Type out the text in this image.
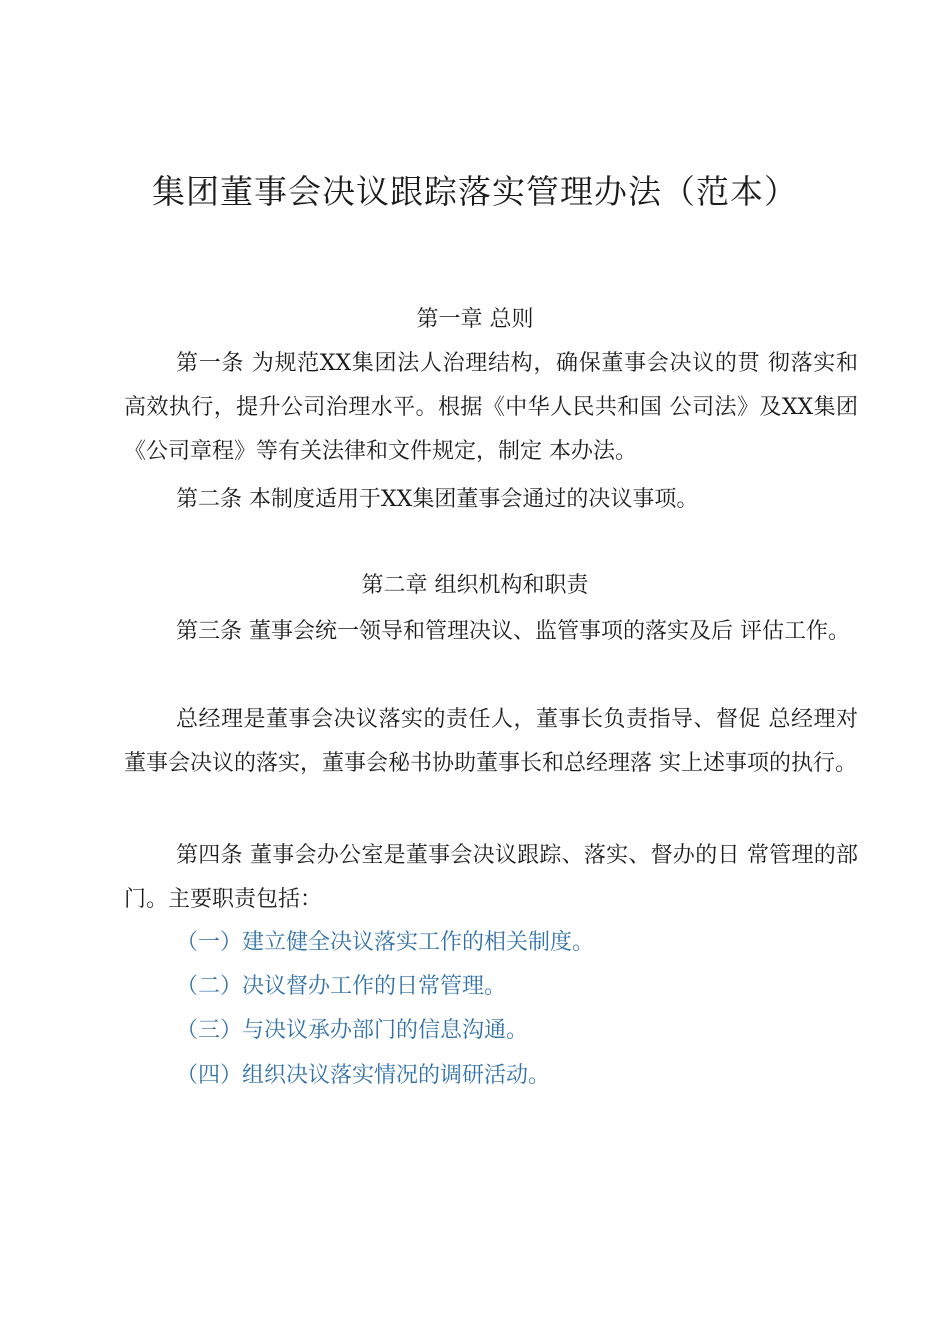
集团董事会决议跟踪落实管理办法（范本）
第一章 总则
第一条 为规范XX集团法人治理结构，确保董事会决议的贯 彻落实和高效执行，提升公司治理水平。根据《中华人民共和国 公司法》及XX集团《公司章程》等有关法律和文件规定，制定 本办法。
第二条 本制度适用于XX集团董事会通过的决议事项。
第二章 组织机构和职责
第三条 董事会统一领导和管理决议、监管事项的落实及后 评估工作。
总经理是董事会决议落实的责任人，董事长负责指导、督促 总经理对董事会决议的落实，董事会秘书协助董事长和总经理落 实上述事项的执行。
第四条 董事会办公室是董事会决议跟踪、落实、督办的日 常管理的部门。主要职责包括：
（一）建立健全决议落实工作的相关制度。
（二）决议督办工作的日常管理。
（三）与决议承办部门的信息沟通。
（四）组织决议落实情况的调研活动。
